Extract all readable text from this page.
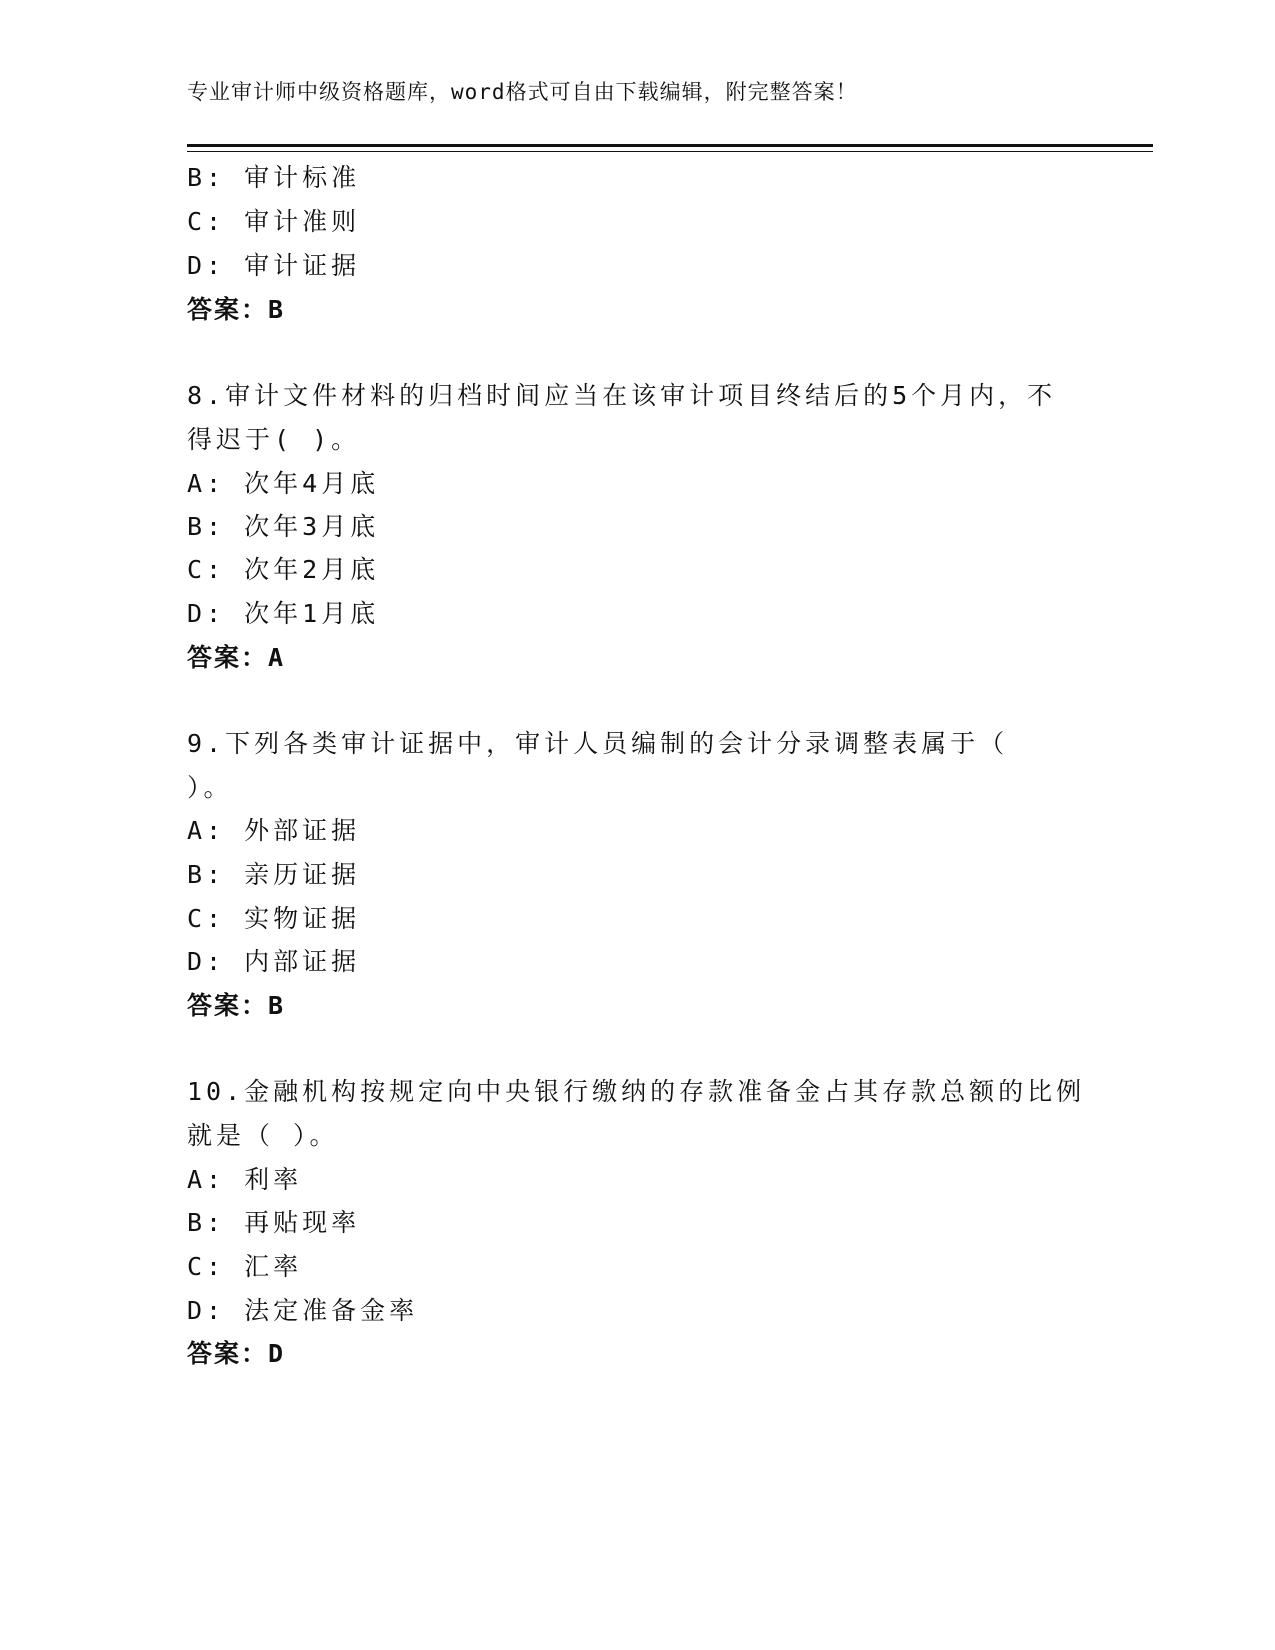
专业审计师中级资格题库，word格式可自由下载编辑，附完整答案！
B: 审计标准
C: 审计准则
D: 审计证据
答案：B
8.审计文件材料的归档时间应当在该审计项目终结后的5个月内，不
得迟于( )。
A: 次年4月底
B: 次年3月底
C: 次年2月底
D: 次年1月底
答案：A
9.下列各类审计证据中，审计人员编制的会计分录调整表属于（
）。
A: 外部证据
B: 亲历证据
C: 实物证据
D: 内部证据
答案：B
10.金融机构按规定向中央银行缴纳的存款准备金占其存款总额的比例
就是（ ）。
A: 利率
B: 再贴现率
C: 汇率
D: 法定准备金率
答案：D
